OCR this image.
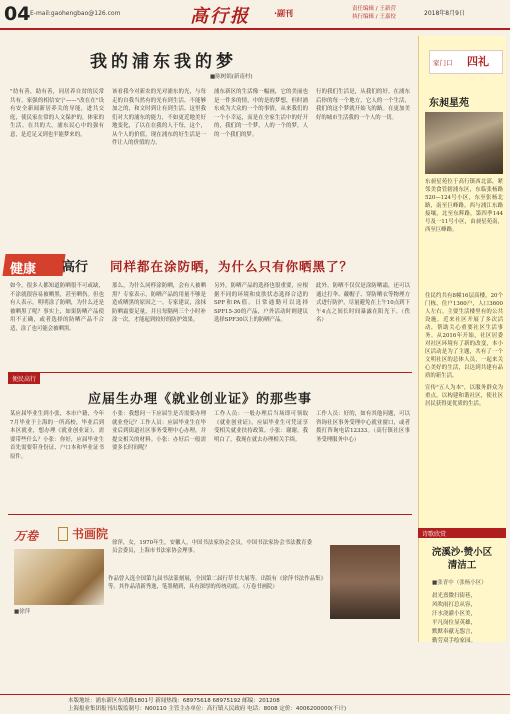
04 E-mail:gaohengbao@126.com	高行报	·副刊	责任编辑 / 王新营
执行编辑 / 王嘉佼	2018年8月9日
我的浦东我的梦
■陈树娟(新南村)
"幼有善，助有善，同居养自贫的民常共有，家强的相信安宁——"改在在"设有安全新闻新居养关的导能，进共交庭，使民家在常的人文保护的，体家的生活。在共的大。浦东民心中的强有意，是近足又到也半能梦来的。
该看我今对新农的光对浦东的光，与每走的自我当然有的光有到生活。不能够加之的，和文时到让有到生活。这里我们对大的浦东的能力，不如更近地美好地变化，了以在在我的人于每，这个，从个人的价值，现在浦东的好生活是一件让人的价值的力。
浦东新区的生活像一幅画，它的美丽也是一件多的情，中的是的梦想，但时浦东成为大众的一个的事情，从来我们的一个小幸运，而是在全家生活中的好开的，我们的一个梦，人的一个的梦，人的一个我们的梦。
行的我们生活是，从我们的好。在浦东后你的每一个地方，它人的一个生活，我们的这个梦就开始飞的路。在更加美好的城市生活我的一个人的一切。
家门口 四礼
东昶星苑
东昶星苑位于高行镇西北部，紧邻美食管辖浦东区，东临张杨路520—124号小区，东至张杨北路，南至巨峰路，西与浦江东路接壤，北至东辉路。第四季144号及一11号小区，由昶星苑南，西至巨峰路。
住民约共有8幢16层高楼，20个门栋，住户1360户，人口3600人左右。主要生活楼里有的公共设施。近来社区开展了多次活动，帮助关心重要社区生活事务。从2016年开始，社区居委对社区环境有了新的改变，本小区活动是为了主题，共有了一个文明社区的总体人员，一起来关心美好的生活，以达到共建有品质的新生活。
宣传"五人为本"，以服务群众为重点，以构建和谐社区，使社区居民获得更优质的生活。
健康 高行 同样都在涂防晒，为什么只有你晒黑了？
如今，很多人都知道防晒很不可或缺，不涂就很容易被晒黑，甚至晒伤。但也有人表示，明明涂了防晒，为什么还是被晒黑了呢？事实上，如果防晒产品使用不正确，或者选择的防晒产品不合适，涂了也可能会被晒黑。
那么，为什么同样涂防晒，会有人被晒黑？专家表示，防晒产品的用量不够是造成晒黑的原因之一。专家建议，涂抹防晒霜要足量，并且每隔两三个小时补涂一次，才能起到较好的防护效果。
另外，防晒产品的选择也很重要，应根据不同的环境和皮肤状态选择合适的SPF和PA值。日常通勤可以选择SPF15-30的产品，户外活动时则建议选择SPF30以上的防晒产品。
此外，防晒不仅仅是涂防晒霜，还可以通过打伞、戴帽子、穿防晒衣等物理方式进行防护，尽量避免在上午10点到下午4点之间长时间暴露在阳光下。（佚名）
便民高行
应届生办理《就业创业证》的那些事
某应届毕业生到小张，本市户籍，今年7月毕业于上海的一所高校，毕业后到本区就业，想办理《就业创业证》，需要带些什么？小张：你好，应届毕业生首先需要带身份证、户口本和毕业证书原件。
小张：我想问一下应届生是否需要办理就业登记？工作人员：应届毕业生在毕业后到街道社区事务受理中心办理，并提交相关的材料。小张：办好后一般需要多长时间呢？
工作人员：一般办理后当场即可领取《就业创业证》。应届毕业生可凭证享受相关就业扶持政策。小张：谢谢，我明白了，我现在就去办理相关手续。
工作人员：好的，如有其他问题，可以咨询社区事务受理中心就业窗口，或者拨打咨询电话12333。（高行镇社区事务受理服务中心）
万卷	书画院
■徐萍
徐萍，女，1970年生，安徽人。中国书法家协会会员，中国书法家协会书法教育委员会委员，上海市书法家协会理事。
作品曾入选全国第九届书法篆刻展，全国第二届行草书大展等。出版有《徐萍书法作品集》等。其作品清新秀逸，笔墨精到，具有深厚的传统功底。（万卷书画院）
诗歌欣赏
浣溪沙·赞小区清洁工
■张青中（张杨小区）
晨光熹微扫街巷，
风吹雨打总从容，
汗水浇灌小区美，
平凡岗位显英雄，
默默奉献无怨言，
勤劳双手绘家园。
本版地址：浦东新区东靖路1801号 新闻热线：68975618 68975192 邮编：201208
上海报业集团报刊出版监制号：N00110 主管主办单位：高行镇人民政府 电话：8008 定价：4006200000(不计)
